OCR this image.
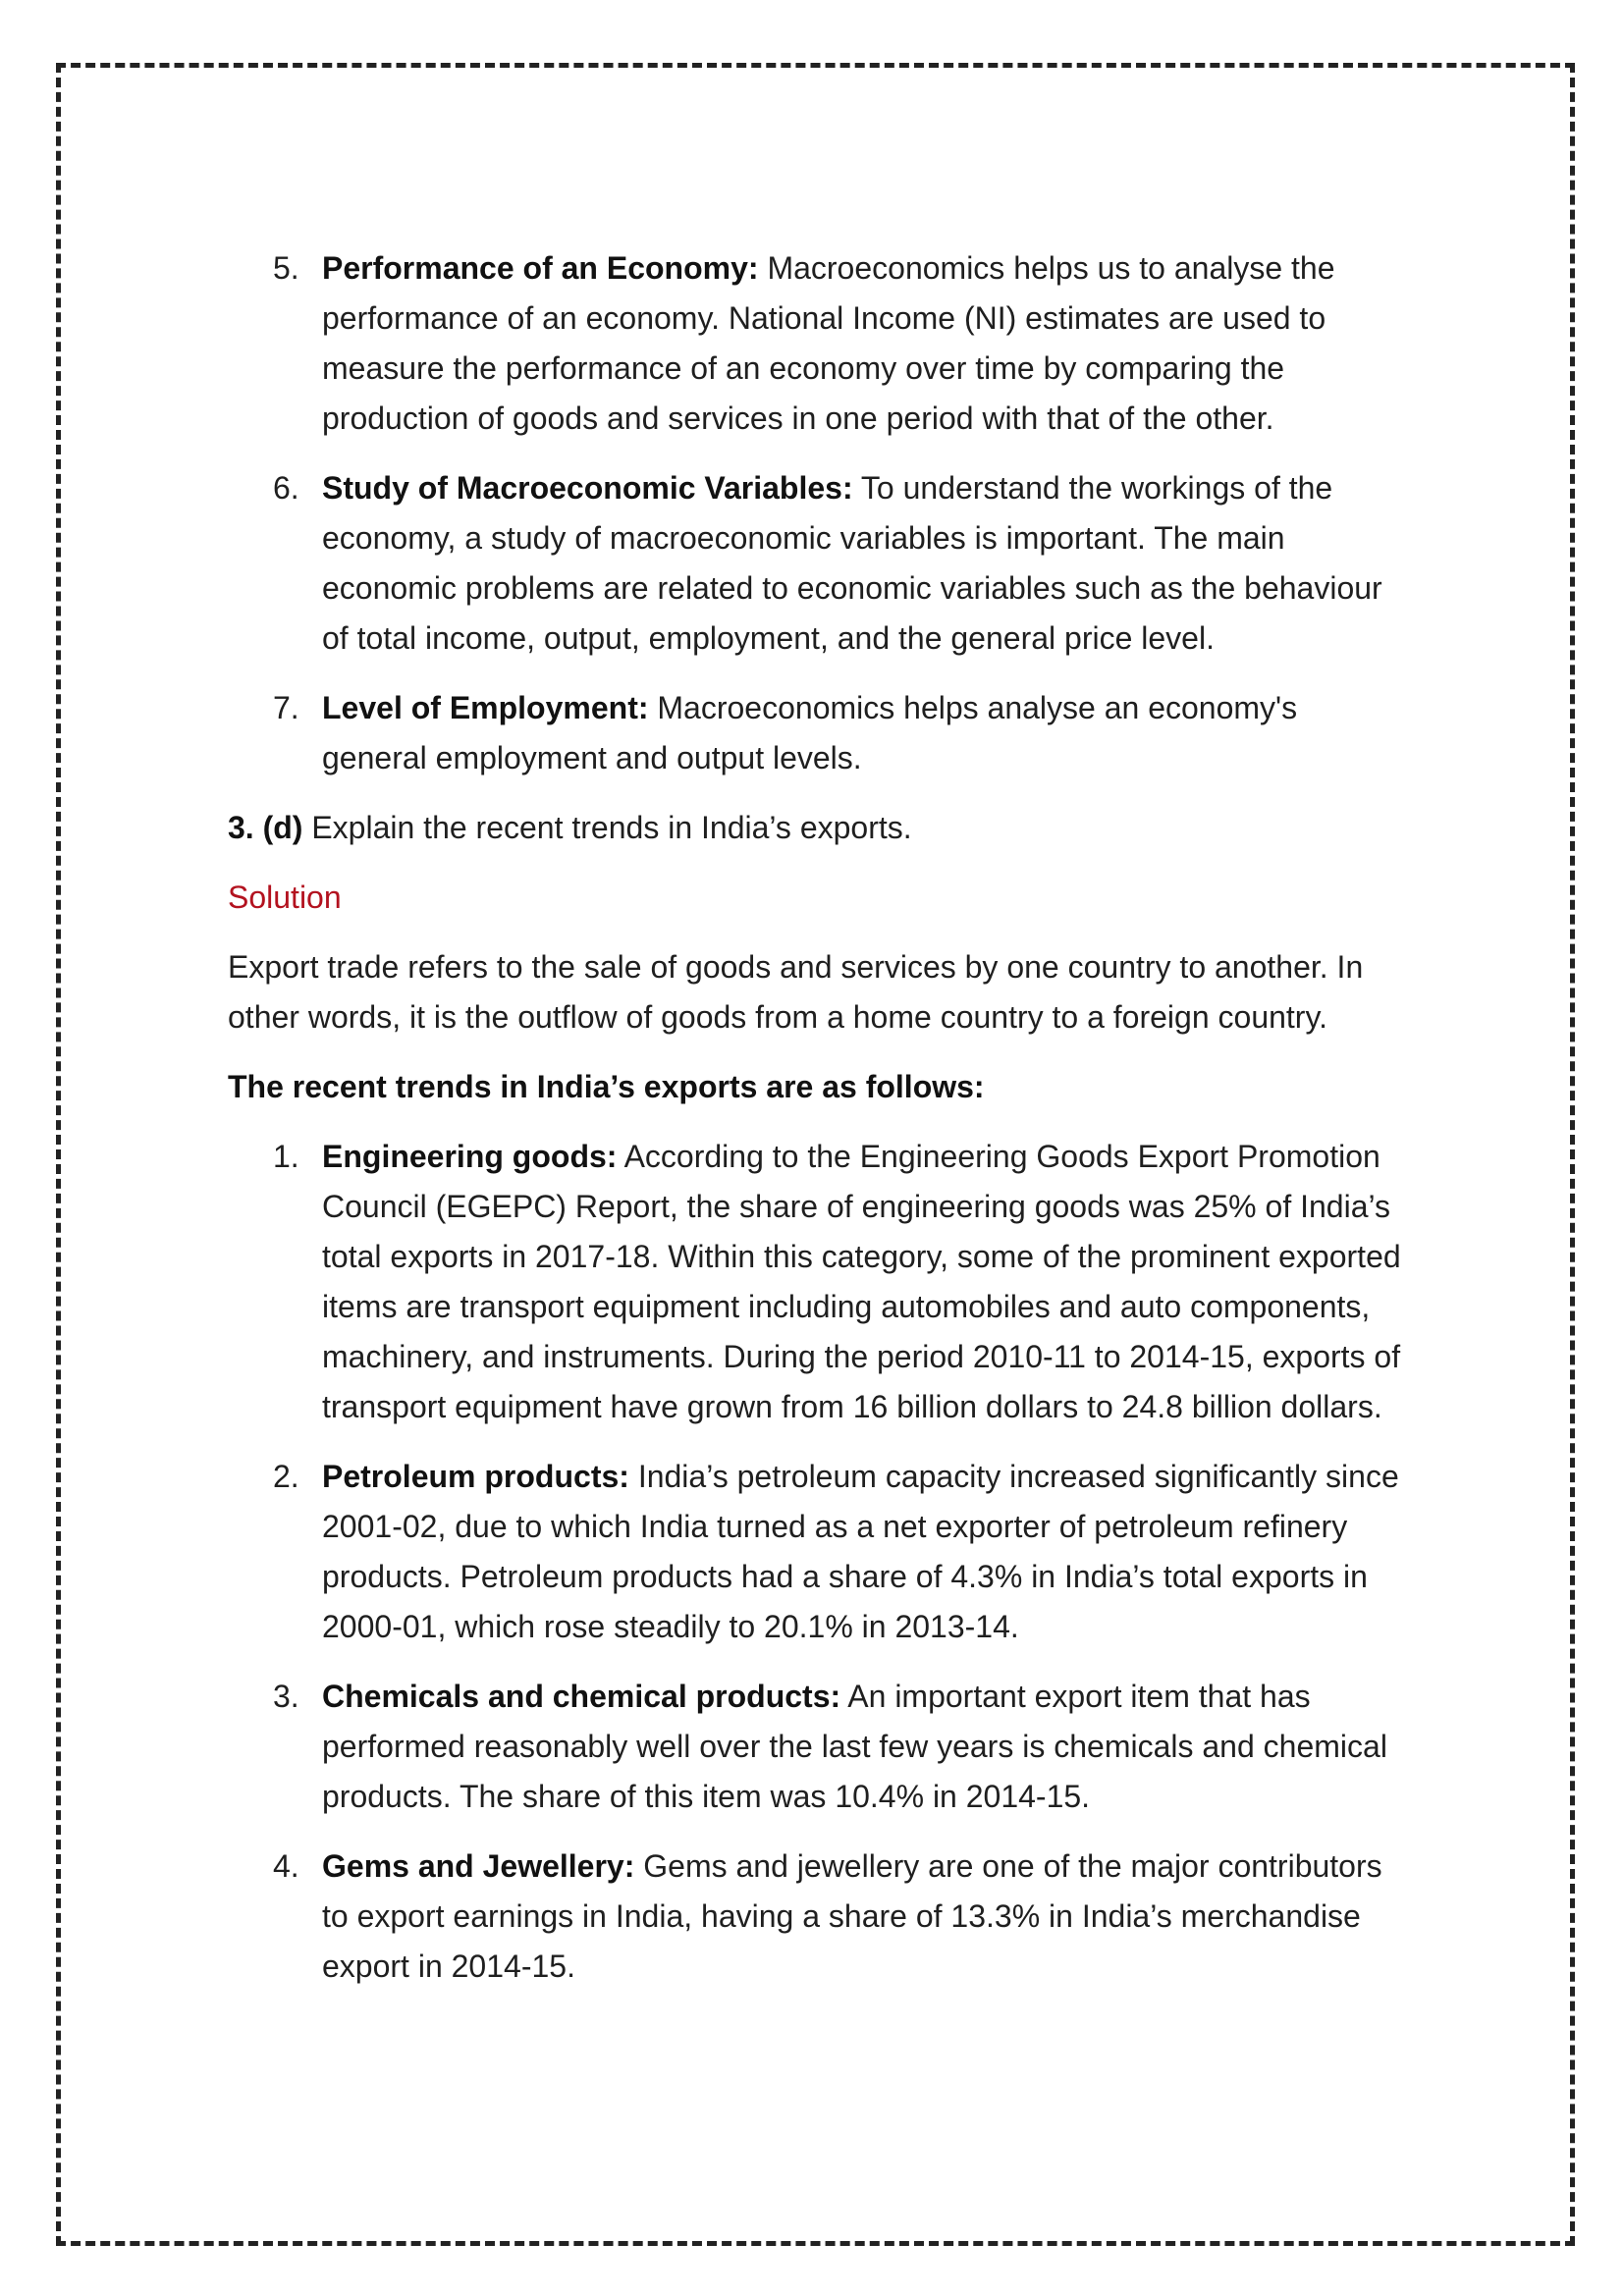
5. Performance of an Economy: Macroeconomics helps us to analyse the performance of an economy. National Income (NI) estimates are used to measure the performance of an economy over time by comparing the production of goods and services in one period with that of the other.
6. Study of Macroeconomic Variables: To understand the workings of the economy, a study of macroeconomic variables is important. The main economic problems are related to economic variables such as the behaviour of total income, output, employment, and the general price level.
7. Level of Employment: Macroeconomics helps analyse an economy's general employment and output levels.

3. (d) Explain the recent trends in India’s exports.

Solution

Export trade refers to the sale of goods and services by one country to another. In other words, it is the outflow of goods from a home country to a foreign country.

The recent trends in India’s exports are as follows:

1. Engineering goods: According to the Engineering Goods Export Promotion Council (EGEPC) Report, the share of engineering goods was 25% of India’s total exports in 2017-18. Within this category, some of the prominent exported items are transport equipment including automobiles and auto components, machinery, and instruments. During the period 2010-11 to 2014-15, exports of transport equipment have grown from 16 billion dollars to 24.8 billion dollars.
2. Petroleum products: India’s petroleum capacity increased significantly since 2001-02, due to which India turned as a net exporter of petroleum refinery products. Petroleum products had a share of 4.3% in India’s total exports in 2000-01, which rose steadily to 20.1% in 2013-14.
3. Chemicals and chemical products: An important export item that has performed reasonably well over the last few years is chemicals and chemical products. The share of this item was 10.4% in 2014-15.
4. Gems and Jewellery: Gems and jewellery are one of the major contributors to export earnings in India, having a share of 13.3% in India’s merchandise export in 2014-15.
